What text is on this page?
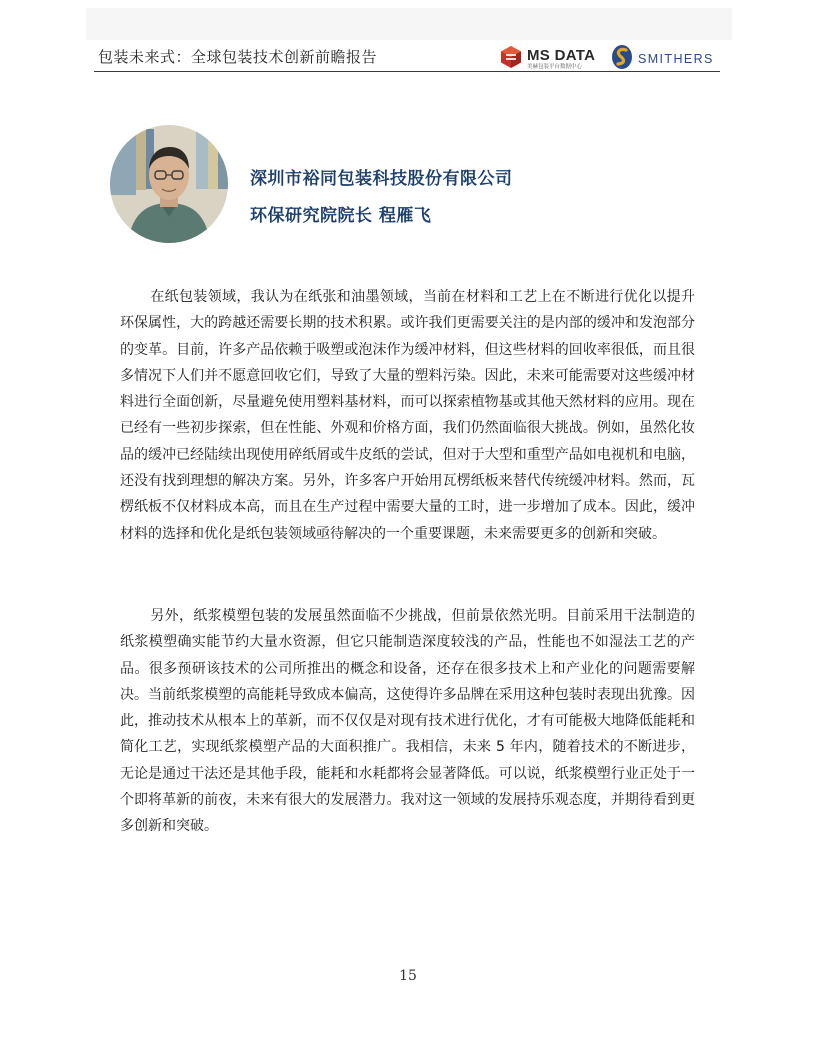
包装未来式：全球包装技术创新前瞻报告	MS DATA
美赫包装平台数据中心
SMITHERS
深圳市裕同包装科技股份有限公司
环保研究院院长 程雁飞

在纸包装领域，我认为在纸张和油墨领域，当前在材料和工艺上在不断进行优化以提升环保属性，大的跨越还需要长期的技术积累。或许我们更需要关注的是内部的缓冲和发泡部分的变革。目前，许多产品依赖于吸塑或泡沫作为缓冲材料，但这些材料的回收率很低，而且很多情况下人们并不愿意回收它们，导致了大量的塑料污染。因此，未来可能需要对这些缓冲材料进行全面创新，尽量避免使用塑料基材料，而可以探索植物基或其他天然材料的应用。现在已经有一些初步探索，但在性能、外观和价格方面，我们仍然面临很大挑战。例如，虽然化妆品的缓冲已经陆续出现使用碎纸屑或牛皮纸的尝试，但对于大型和重型产品如电视机和电脑，还没有找到理想的解决方案。另外，许多客户开始用瓦楞纸板来替代传统缓冲材料。然而，瓦楞纸板不仅材料成本高，而且在生产过程中需要大量的工时，进一步增加了成本。因此，缓冲材料的选择和优化是纸包装领域亟待解决的一个重要课题，未来需要更多的创新和突破。

另外，纸浆模塑包装的发展虽然面临不少挑战，但前景依然光明。目前采用干法制造的纸浆模塑确实能节约大量水资源，但它只能制造深度较浅的产品，性能也不如湿法工艺的产品。很多预研该技术的公司所推出的概念和设备，还存在很多技术上和产业化的问题需要解决。当前纸浆模塑的高能耗导致成本偏高，这使得许多品牌在采用这种包装时表现出犹豫。因此，推动技术从根本上的革新，而不仅仅是对现有技术进行优化，才有可能极大地降低能耗和简化工艺，实现纸浆模塑产品的大面积推广。我相信，未来 5 年内，随着技术的不断进步，无论是通过干法还是其他手段，能耗和水耗都将会显著降低。可以说，纸浆模塑行业正处于一个即将革新的前夜，未来有很大的发展潜力。我对这一领域的发展持乐观态度，并期待看到更多创新和突破。

15
